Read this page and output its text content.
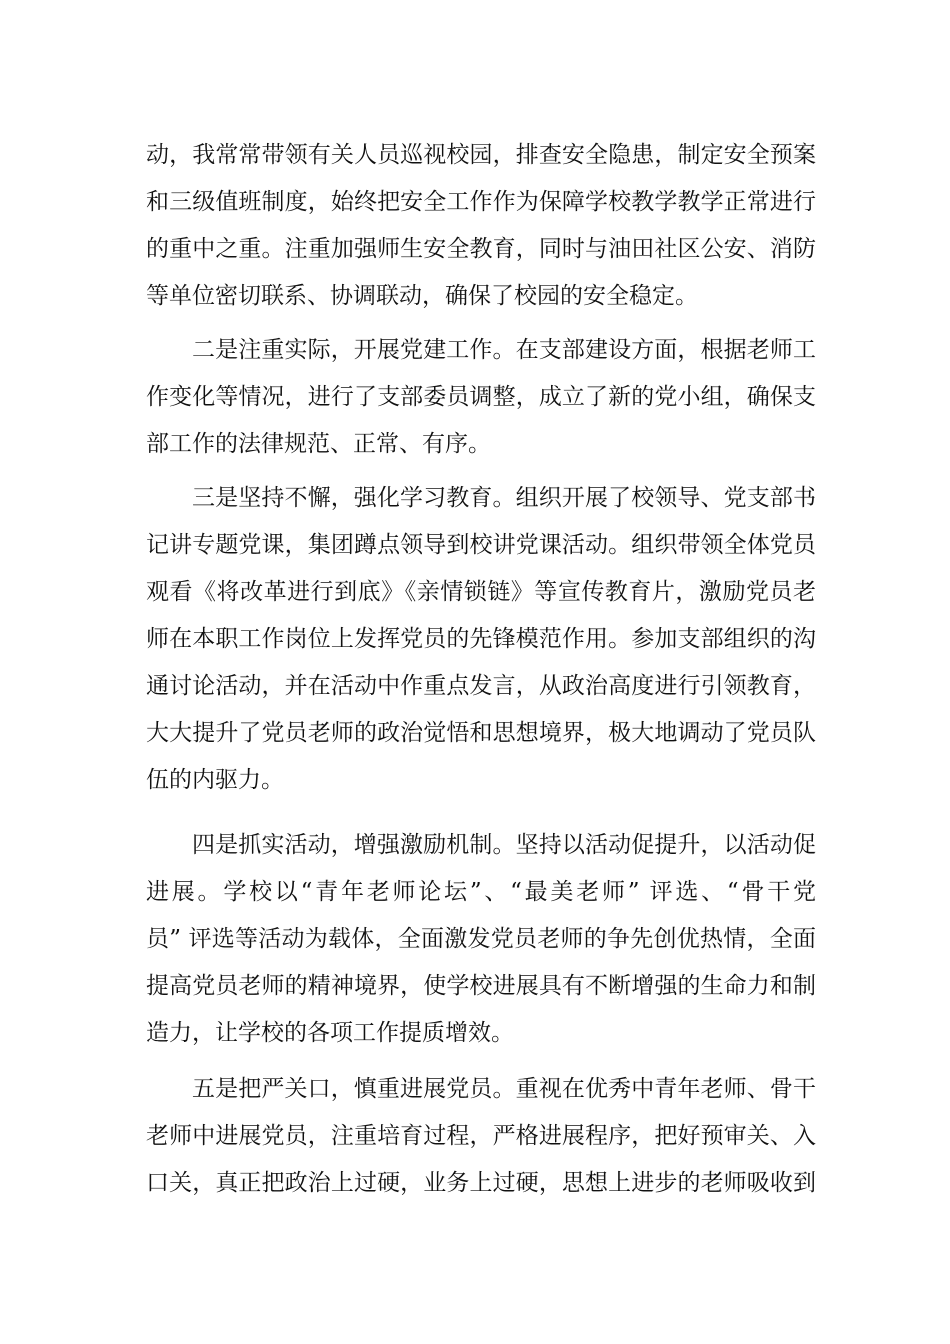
动，我常常带领有关人员巡视校园，排查安全隐患，制定安全预案
和三级值班制度，始终把安全工作作为保障学校教学教学正常进行
的重中之重。注重加强师生安全教育，同时与油田社区公安、消防
等单位密切联系、协调联动，确保了校园的安全稳定。
二是注重实际，开展党建工作。在支部建设方面，根据老师工
作变化等情况，进行了支部委员调整，成立了新的党小组，确保支
部工作的法律规范、正常、有序。
三是坚持不懈，强化学习教育。组织开展了校领导、党支部书
记讲专题党课，集团蹲点领导到校讲党课活动。组织带领全体党员
观看《将改革进行到底》《亲情锁链》等宣传教育片，激励党员老
师在本职工作岗位上发挥党员的先锋模范作用。参加支部组织的沟
通讨论活动，并在活动中作重点发言，从政治高度进行引领教育，
大大提升了党员老师的政治觉悟和思想境界，极大地调动了党员队
伍的内驱力。
四是抓实活动，增强激励机制。坚持以活动促提升，以活动促
进展。学校以“青年老师论坛”、“最美老师” 评选、“骨干党
员” 评选等活动为载体，全面激发党员老师的争先创优热情，全面
提高党员老师的精神境界，使学校进展具有不断增强的生命力和制
造力，让学校的各项工作提质增效。
五是把严关口，慎重进展党员。重视在优秀中青年老师、骨干
老师中进展党员，注重培育过程，严格进展程序，把好预审关、入
口关，真正把政治上过硬，业务上过硬，思想上进步的老师吸收到
